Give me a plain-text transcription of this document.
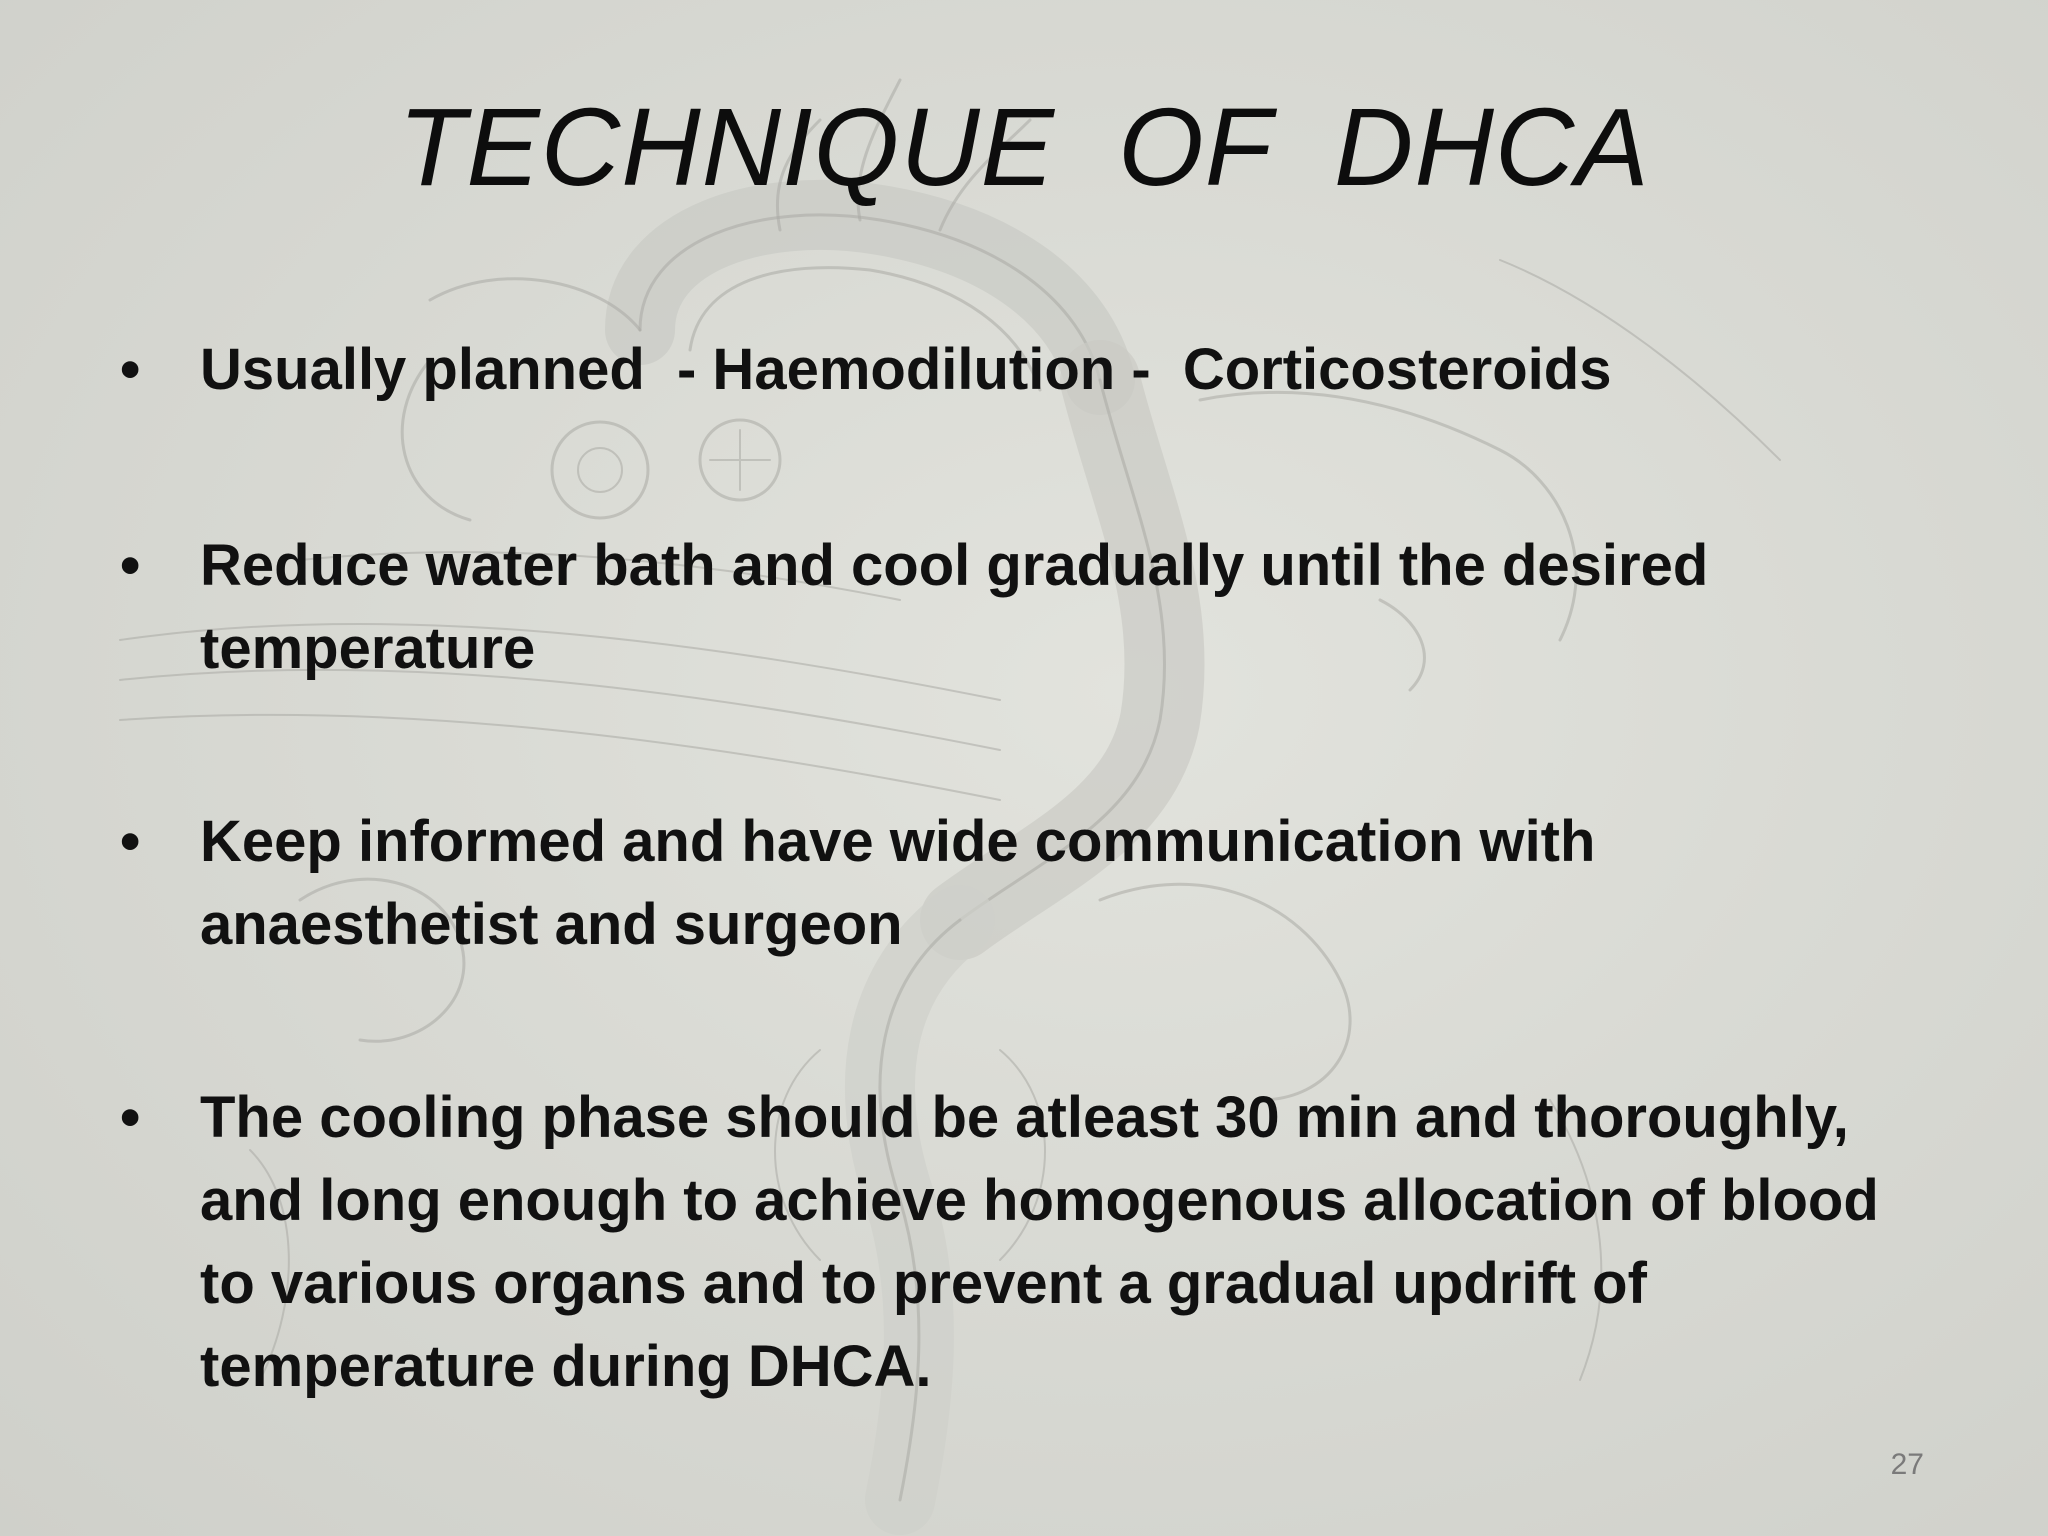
TECHNIQUE  OF  DHCA
• Usually planned  - Haemodilution -  Corticosteroids
• Reduce water bath and cool gradually until the desired temperature
• Keep informed and have wide communication with anaesthetist and surgeon
• The cooling phase should be atleast 30 min and thoroughly, and long enough to achieve homogenous allocation of blood to various organs and to prevent a gradual updrift of temperature during DHCA.
27
